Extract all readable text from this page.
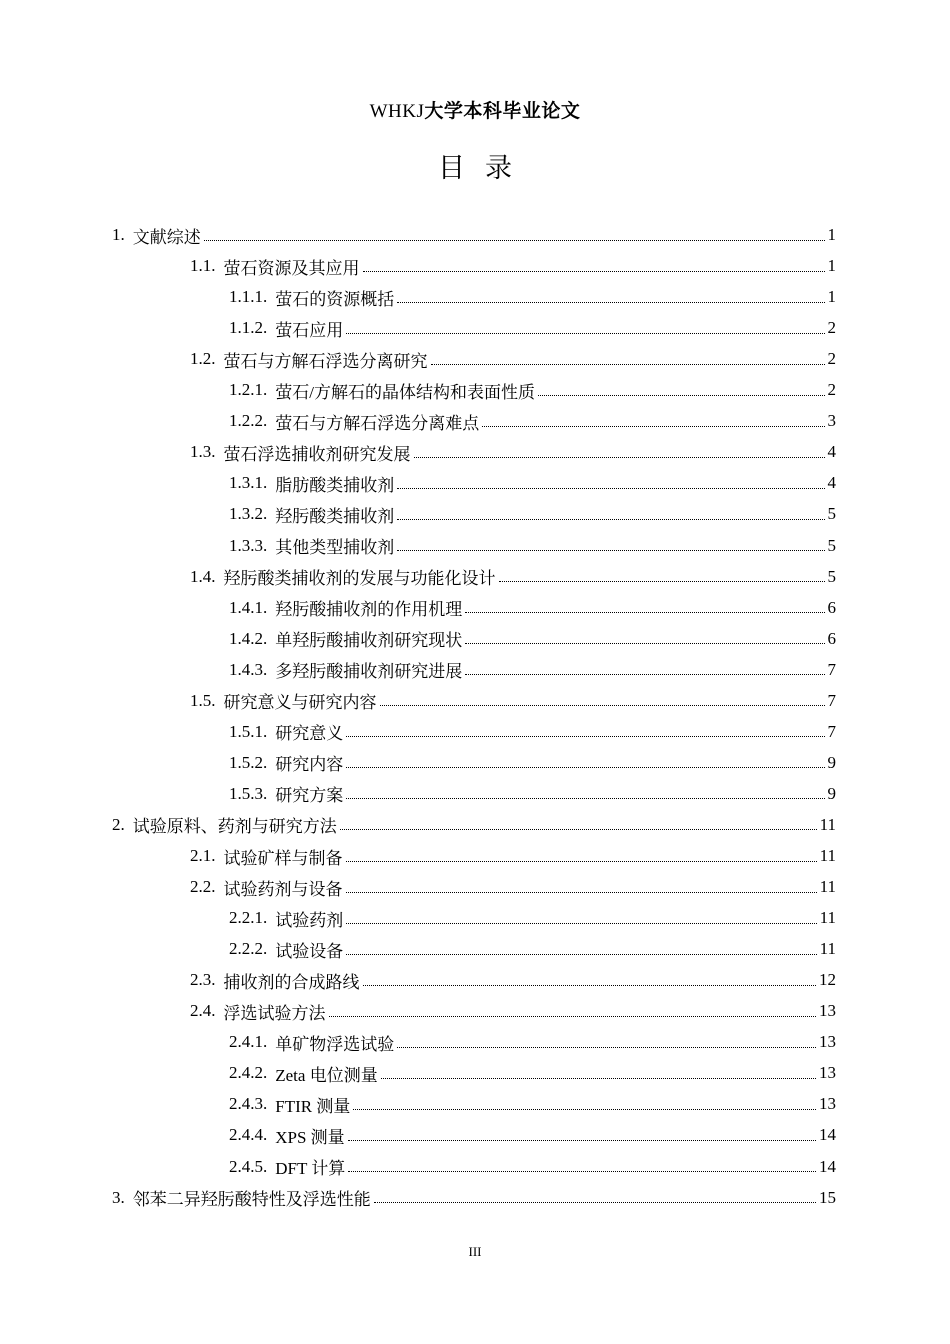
WHKJ大学本科毕业论文
目录
1. 文献综述	1
1.1. 萤石资源及其应用	1
1.1.1. 萤石的资源概括	1
1.1.2. 萤石应用	2
1.2. 萤石与方解石浮选分离研究	2
1.2.1. 萤石/方解石的晶体结构和表面性质	2
1.2.2. 萤石与方解石浮选分离难点	3
1.3. 萤石浮选捕收剂研究发展	4
1.3.1. 脂肪酸类捕收剂	4
1.3.2. 羟肟酸类捕收剂	5
1.3.3. 其他类型捕收剂	5
1.4. 羟肟酸类捕收剂的发展与功能化设计	5
1.4.1. 羟肟酸捕收剂的作用机理	6
1.4.2. 单羟肟酸捕收剂研究现状	6
1.4.3. 多羟肟酸捕收剂研究进展	7
1.5. 研究意义与研究内容	7
1.5.1. 研究意义	7
1.5.2. 研究内容	9
1.5.3. 研究方案	9
2. 试验原料、药剂与研究方法	11
2.1. 试验矿样与制备	11
2.2. 试验药剂与设备	11
2.2.1. 试验药剂	11
2.2.2. 试验设备	11
2.3. 捕收剂的合成路线	12
2.4. 浮选试验方法	13
2.4.1. 单矿物浮选试验	13
2.4.2. Zeta 电位测量	13
2.4.3. FTIR 测量	13
2.4.4. XPS 测量	14
2.4.5. DFT 计算	14
3. 邻苯二异羟肟酸特性及浮选性能	15
III
